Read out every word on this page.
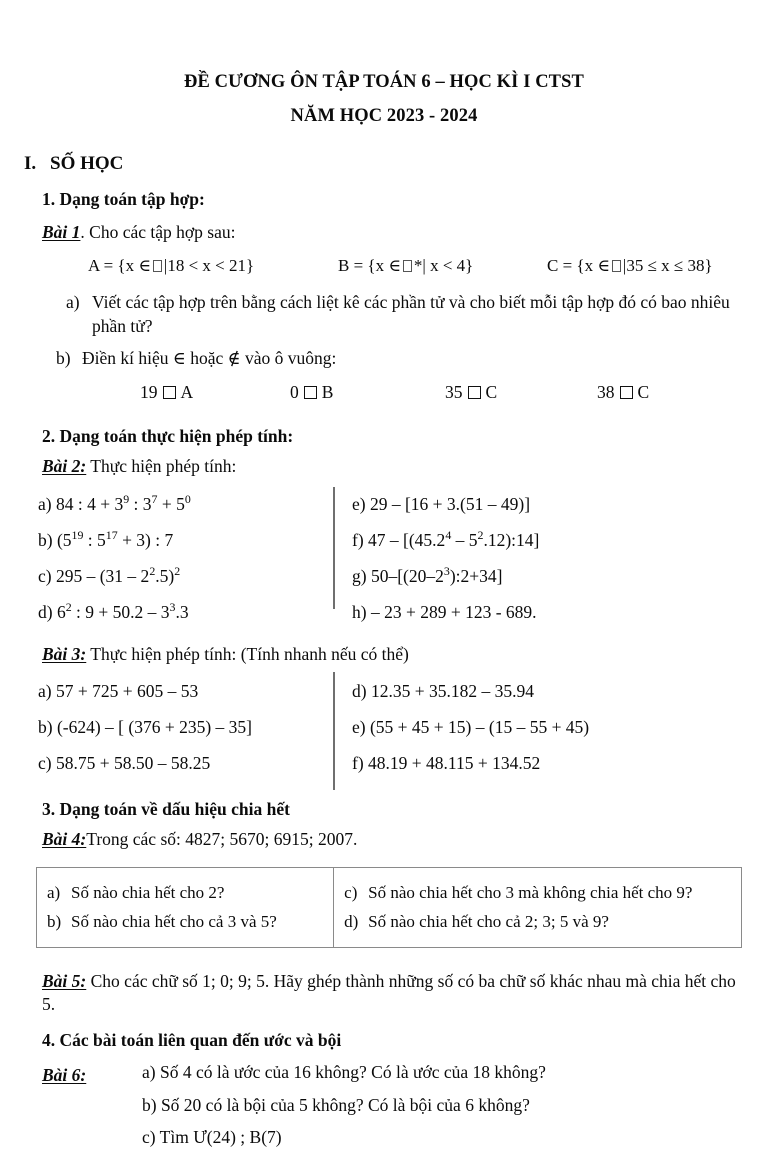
ĐỀ CƯƠNG ÔN TẬP TOÁN 6 – HỌC KÌ I CTST
NĂM HỌC 2023 - 2024
I. SỐ HỌC
1. Dạng toán tập hợp:
Bài 1. Cho các tập hợp sau:
A = {x ∈ |18 < x < 21}	B = {x ∈ *| x < 4}	C = {x ∈ |35 ≤ x ≤ 38}
a) Viết các tập hợp trên bằng cách liệt kê các phần tử và cho biết mỗi tập hợp đó có bao nhiêu phần tử?
b) Điền kí hiệu ∈ hoặc ∉ vào ô vuông:
19 A	0 B	35 C	38 C
2. Dạng toán thực hiện phép tính:
Bài 2: Thực hiện phép tính:
a) 84 : $4 + 3^9$ : $3^7 + 5^0$
b) ($5^{19}$ : $5^{17} + 3$) : 7
c) $295 - (31 - 2^2.5)^2$
d) $6^2$ : $9 + 50.2 - 3^3.3$
e) 29 – [16 + 3.(51 – 49)]
f) $47 - [(45.2^4 - 5^2.12):14]$
g) $50-[(20-2^3):2+34]$
h) – 23 + 289 + 123 - 689.
Bài 3: Thực hiện phép tính: (Tính nhanh nếu có thể)
a) 57 + 725 + 605 – 53
b) (-624) – [ (376 + 235) – 35]
c) 58.75 + 58.50 – 58.25
d) 12.35 + 35.182 – 35.94
e) (55 + 45 + 15) – (15 – 55 + 45)
f) 48.19 + 48.115 + 134.52
3. Dạng toán về dấu hiệu chia hết
Bài 4:Trong các số: 4827; 5670; 6915; 2007.
a) Số nào chia hết cho 2?
b) Số nào chia hết cho cả 3 và 5?
c) Số nào chia hết cho 3 mà không chia hết cho 9?
d) Số nào chia hết cho cả 2; 3; 5 và 9?
Bài 5: Cho các chữ số 1; 0; 9; 5. Hãy ghép thành những số có ba chữ số khác nhau mà chia hết cho 5.
4. Các bài toán liên quan đến ước và bội
Bài 6:	a) Số 4 có là ước của 16 không? Có là ước của 18 không?
b) Số 20 có là bội của 5 không? Có là bội của 6 không?
c) Tìm Ư(24) ; B(7)
